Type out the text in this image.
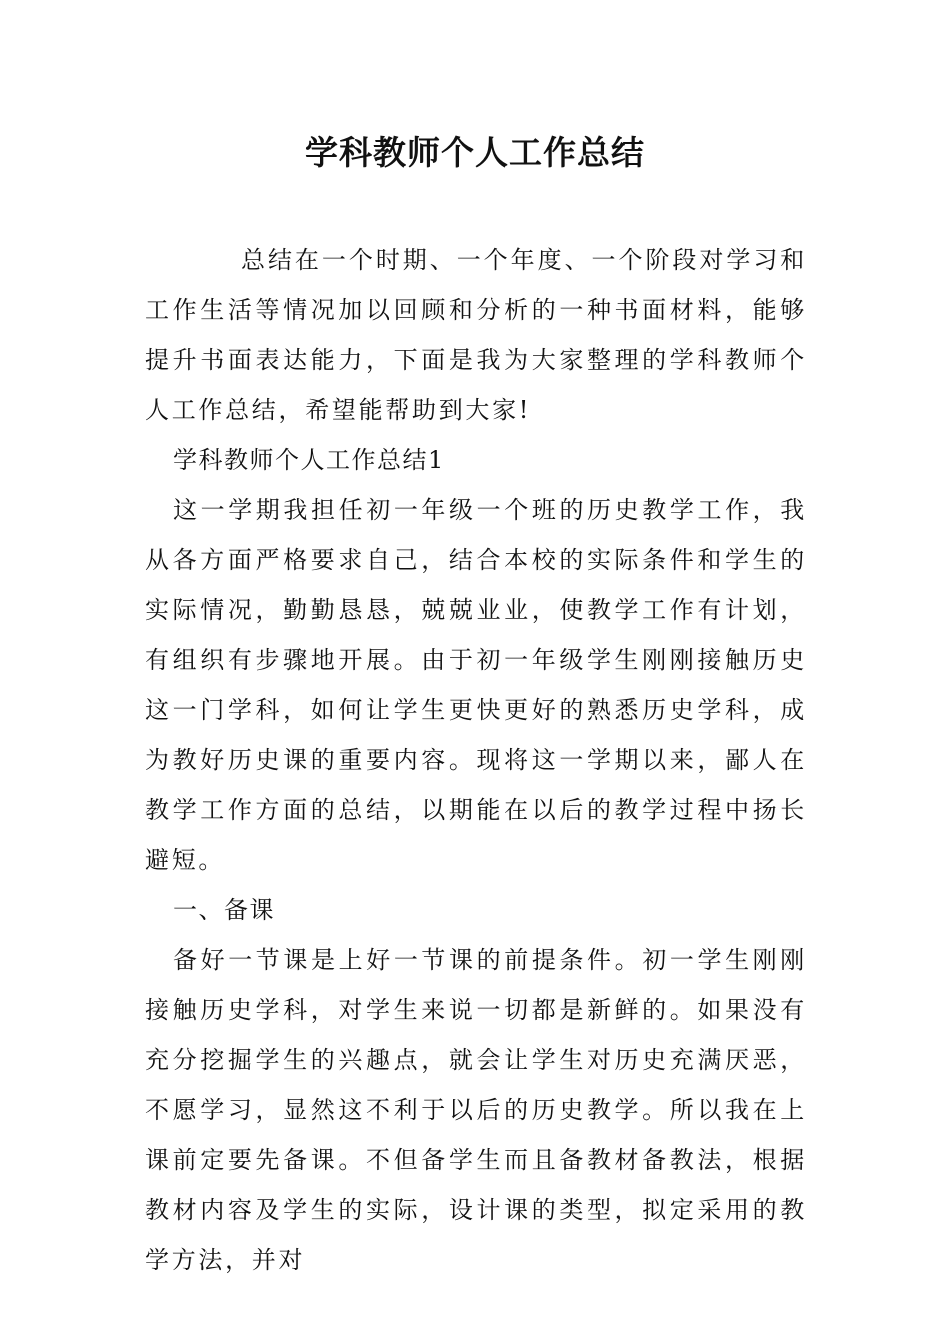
学科教师个人工作总结

总结在一个时期、一个年度、一个阶段对学习和工作生活等情况加以回顾和分析的一种书面材料，能够提升书面表达能力，下面是我为大家整理的学科教师个人工作总结，希望能帮助到大家!

学科教师个人工作总结1

这一学期我担任初一年级一个班的历史教学工作，我从各方面严格要求自己，结合本校的实际条件和学生的实际情况，勤勤恳恳，兢兢业业，使教学工作有计划，有组织有步骤地开展。由于初一年级学生刚刚接触历史这一门学科，如何让学生更快更好的熟悉历史学科，成为教好历史课的重要内容。现将这一学期以来，鄙人在教学工作方面的总结，以期能在以后的教学过程中扬长避短。

一、备课

备好一节课是上好一节课的前提条件。初一学生刚刚接触历史学科，对学生来说一切都是新鲜的。如果没有充分挖掘学生的兴趣点，就会让学生对历史充满厌恶，不愿学习，显然这不利于以后的历史教学。所以我在上课前定要先备课。不但备学生而且备教材备教法，根据教材内容及学生的实际，设计课的类型，拟定采用的教学方法，并对
